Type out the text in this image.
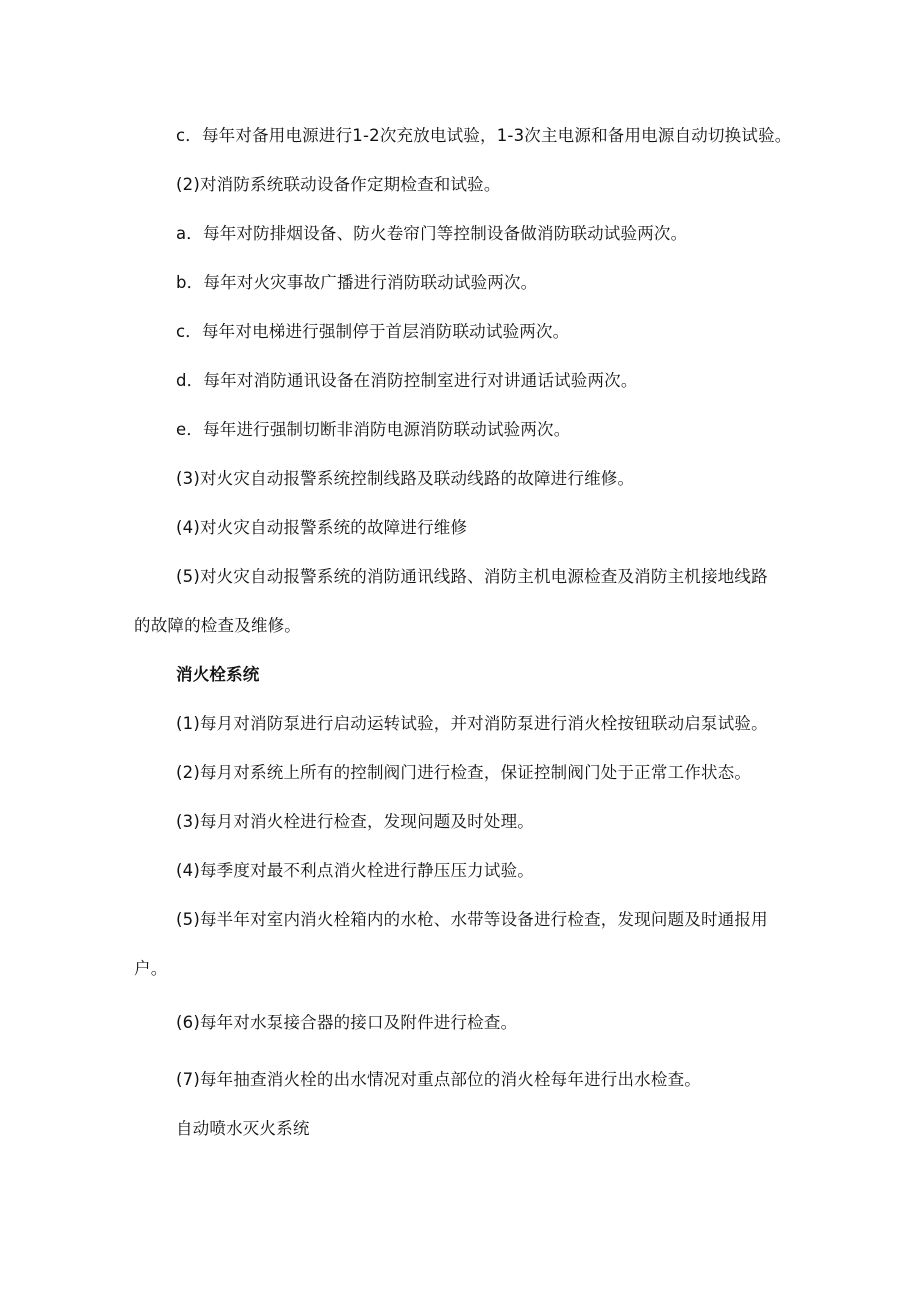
c．每年对备用电源进行1-2次充放电试验，1-3次主电源和备用电源自动切换试验。
(2)对消防系统联动设备作定期检查和试验。
a．每年对防排烟设备、防火卷帘门等控制设备做消防联动试验两次。
b．每年对火灾事故广播进行消防联动试验两次。
c．每年对电梯进行强制停于首层消防联动试验两次。
d．每年对消防通讯设备在消防控制室进行对讲通话试验两次。
e．每年进行强制切断非消防电源消防联动试验两次。
(3)对火灾自动报警系统控制线路及联动线路的故障进行维修。
(4)对火灾自动报警系统的故障进行维修
(5)对火灾自动报警系统的消防通讯线路、消防主机电源检查及消防主机接地线路
的故障的检查及维修。
消火栓系统
(1)每月对消防泵进行启动运转试验，并对消防泵进行消火栓按钮联动启泵试验。
(2)每月对系统上所有的控制阀门进行检查，保证控制阀门处于正常工作状态。
(3)每月对消火栓进行检查，发现问题及时处理。
(4)每季度对最不利点消火栓进行静压压力试验。
(5)每半年对室内消火栓箱内的水枪、水带等设备进行检查，发现问题及时通报用
户。
(6)每年对水泵接合器的接口及附件进行检查。
(7)每年抽查消火栓的出水情况对重点部位的消火栓每年进行出水检查。
自动喷水灭火系统
